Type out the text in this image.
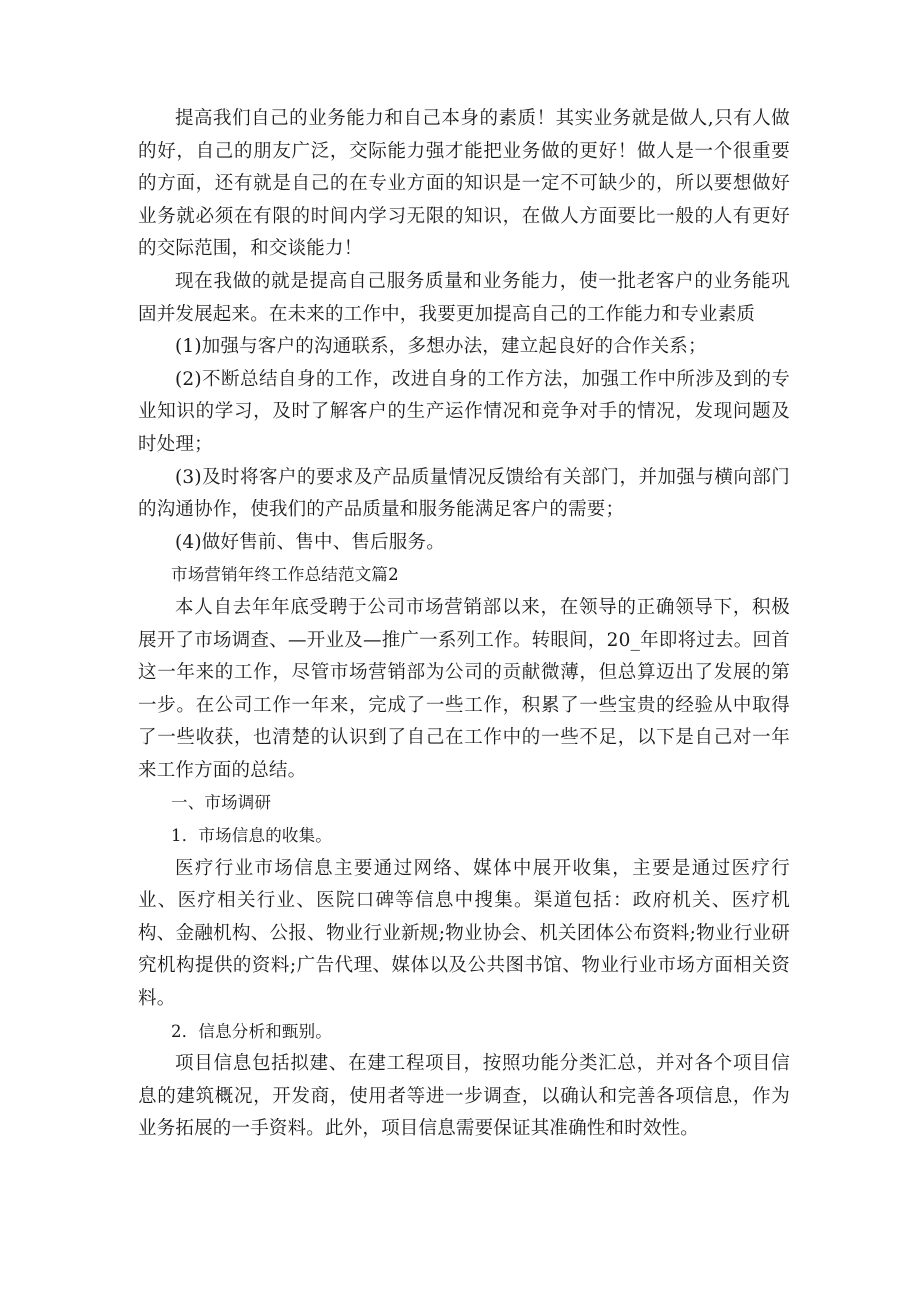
提高我们自己的业务能力和自己本身的素质！其实业务就是做人,只有人做的好，自己的朋友广泛，交际能力强才能把业务做的更好！做人是一个很重要的方面，还有就是自己的在专业方面的知识是一定不可缺少的，所以要想做好业务就必须在有限的时间内学习无限的知识，在做人方面要比一般的人有更好的交际范围，和交谈能力！

现在我做的就是提高自己服务质量和业务能力，使一批老客户的业务能巩固并发展起来。在未来的工作中，我要更加提高自己的工作能力和专业素质

(1)加强与客户的沟通联系，多想办法，建立起良好的合作关系；

(2)不断总结自身的工作，改进自身的工作方法，加强工作中所涉及到的专业知识的学习，及时了解客户的生产运作情况和竞争对手的情况，发现问题及时处理；

(3)及时将客户的要求及产品质量情况反馈给有关部门，并加强与横向部门的沟通协作，使我们的产品质量和服务能满足客户的需要；

(4)做好售前、售中、售后服务。

市场营销年终工作总结范文篇2

本人自去年年底受聘于公司市场营销部以来，在领导的正确领导下，积极展开了市场调查、—开业及—推广一系列工作。转眼间，20_年即将过去。回首这一年来的工作，尽管市场营销部为公司的贡献微薄，但总算迈出了发展的第一步。在公司工作一年来，完成了一些工作，积累了一些宝贵的经验从中取得了一些收获，也清楚的认识到了自己在工作中的一些不足，以下是自己对一年来工作方面的总结。

一、市场调研

1．市场信息的收集。

医疗行业市场信息主要通过网络、媒体中展开收集，主要是通过医疗行业、医疗相关行业、医院口碑等信息中搜集。渠道包括：政府机关、医疗机构、金融机构、公报、物业行业新规;物业协会、机关团体公布资料;物业行业研究机构提供的资料;广告代理、媒体以及公共图书馆、物业行业市场方面相关资料。

2．信息分析和甄别。

项目信息包括拟建、在建工程项目，按照功能分类汇总，并对各个项目信息的建筑概况，开发商，使用者等进一步调查，以确认和完善各项信息，作为业务拓展的一手资料。此外，项目信息需要保证其准确性和时效性。
